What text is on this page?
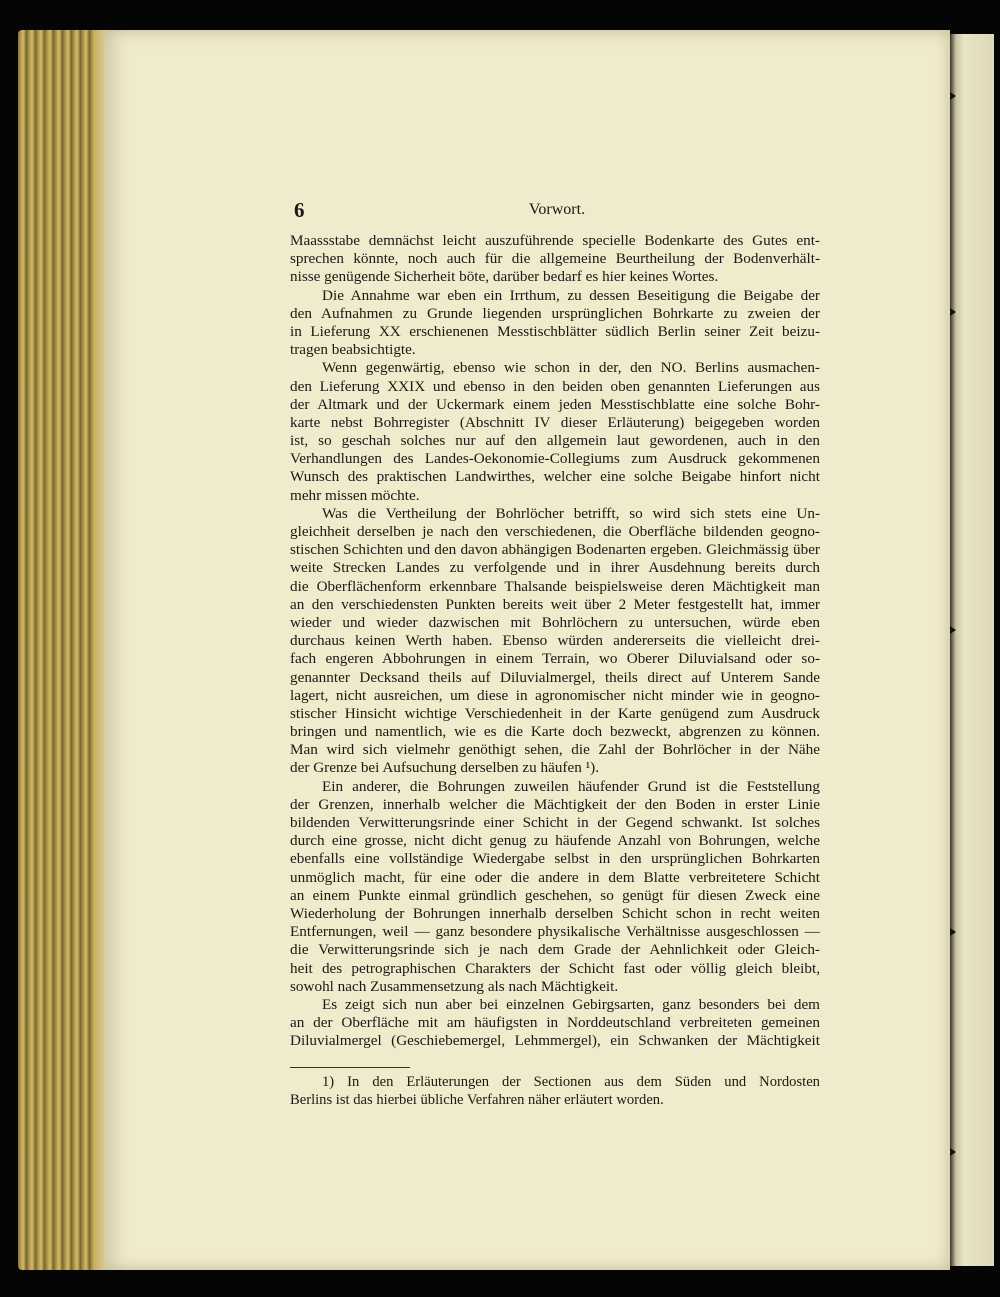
6	Vorwort.
Maassstabe demnächst leicht auszuführende specielle Bodenkarte des Gutes ent-
sprechen könnte, noch auch für die allgemeine Beurtheilung der Bodenverhält-
nisse genügende Sicherheit böte, darüber bedarf es hier keines Wortes.
Die Annahme war eben ein Irrthum, zu dessen Beseitigung die Beigabe der
den Aufnahmen zu Grunde liegenden ursprünglichen Bohrkarte zu zweien der
in Lieferung XX erschienenen Messtischblätter südlich Berlin seiner Zeit beizu-
tragen beabsichtigte.
Wenn gegenwärtig, ebenso wie schon in der, den NO. Berlins ausmachen-
den Lieferung XXIX und ebenso in den beiden oben genannten Lieferungen aus
der Altmark und der Uckermark einem jeden Messtischblatte eine solche Bohr-
karte nebst Bohrregister (Abschnitt IV dieser Erläuterung) beigegeben worden
ist, so geschah solches nur auf den allgemein laut gewordenen, auch in den
Verhandlungen des Landes-Oekonomie-Collegiums zum Ausdruck gekommenen
Wunsch des praktischen Landwirthes, welcher eine solche Beigabe hinfort nicht
mehr missen möchte.
Was die Vertheilung der Bohrlöcher betrifft, so wird sich stets eine Un-
gleichheit derselben je nach den verschiedenen, die Oberfläche bildenden geogno-
stischen Schichten und den davon abhängigen Bodenarten ergeben. Gleichmässig über
weite Strecken Landes zu verfolgende und in ihrer Ausdehnung bereits durch
die Oberflächenform erkennbare Thalsande beispielsweise deren Mächtigkeit man
an den verschiedensten Punkten bereits weit über 2 Meter festgestellt hat, immer
wieder und wieder dazwischen mit Bohrlöchern zu untersuchen, würde eben
durchaus keinen Werth haben. Ebenso würden andererseits die vielleicht drei-
fach engeren Abbohrungen in einem Terrain, wo Oberer Diluvialsand oder so-
genannter Decksand theils auf Diluvialmergel, theils direct auf Unterem Sande
lagert, nicht ausreichen, um diese in agronomischer nicht minder wie in geogno-
stischer Hinsicht wichtige Verschiedenheit in der Karte genügend zum Ausdruck
bringen und namentlich, wie es die Karte doch bezweckt, abgrenzen zu können.
Man wird sich vielmehr genöthigt sehen, die Zahl der Bohrlöcher in der Nähe
der Grenze bei Aufsuchung derselben zu häufen ¹).
Ein anderer, die Bohrungen zuweilen häufender Grund ist die Feststellung
der Grenzen, innerhalb welcher die Mächtigkeit der den Boden in erster Linie
bildenden Verwitterungsrinde einer Schicht in der Gegend schwankt. Ist solches
durch eine grosse, nicht dicht genug zu häufende Anzahl von Bohrungen, welche
ebenfalls eine vollständige Wiedergabe selbst in den ursprünglichen Bohrkarten
unmöglich macht, für eine oder die andere in dem Blatte verbreitetere Schicht
an einem Punkte einmal gründlich geschehen, so genügt für diesen Zweck eine
Wiederholung der Bohrungen innerhalb derselben Schicht schon in recht weiten
Entfernungen, weil — ganz besondere physikalische Verhältnisse ausgeschlossen —
die Verwitterungsrinde sich je nach dem Grade der Aehnlichkeit oder Gleich-
heit des petrographischen Charakters der Schicht fast oder völlig gleich bleibt,
sowohl nach Zusammensetzung als nach Mächtigkeit.
Es zeigt sich nun aber bei einzelnen Gebirgsarten, ganz besonders bei dem
an der Oberfläche mit am häufigsten in Norddeutschland verbreiteten gemeinen
Diluvialmergel (Geschiebemergel, Lehmmergel), ein Schwanken der Mächtigkeit
1) In den Erläuterungen der Sectionen aus dem Süden und Nordosten
Berlins ist das hierbei übliche Verfahren näher erläutert worden.
